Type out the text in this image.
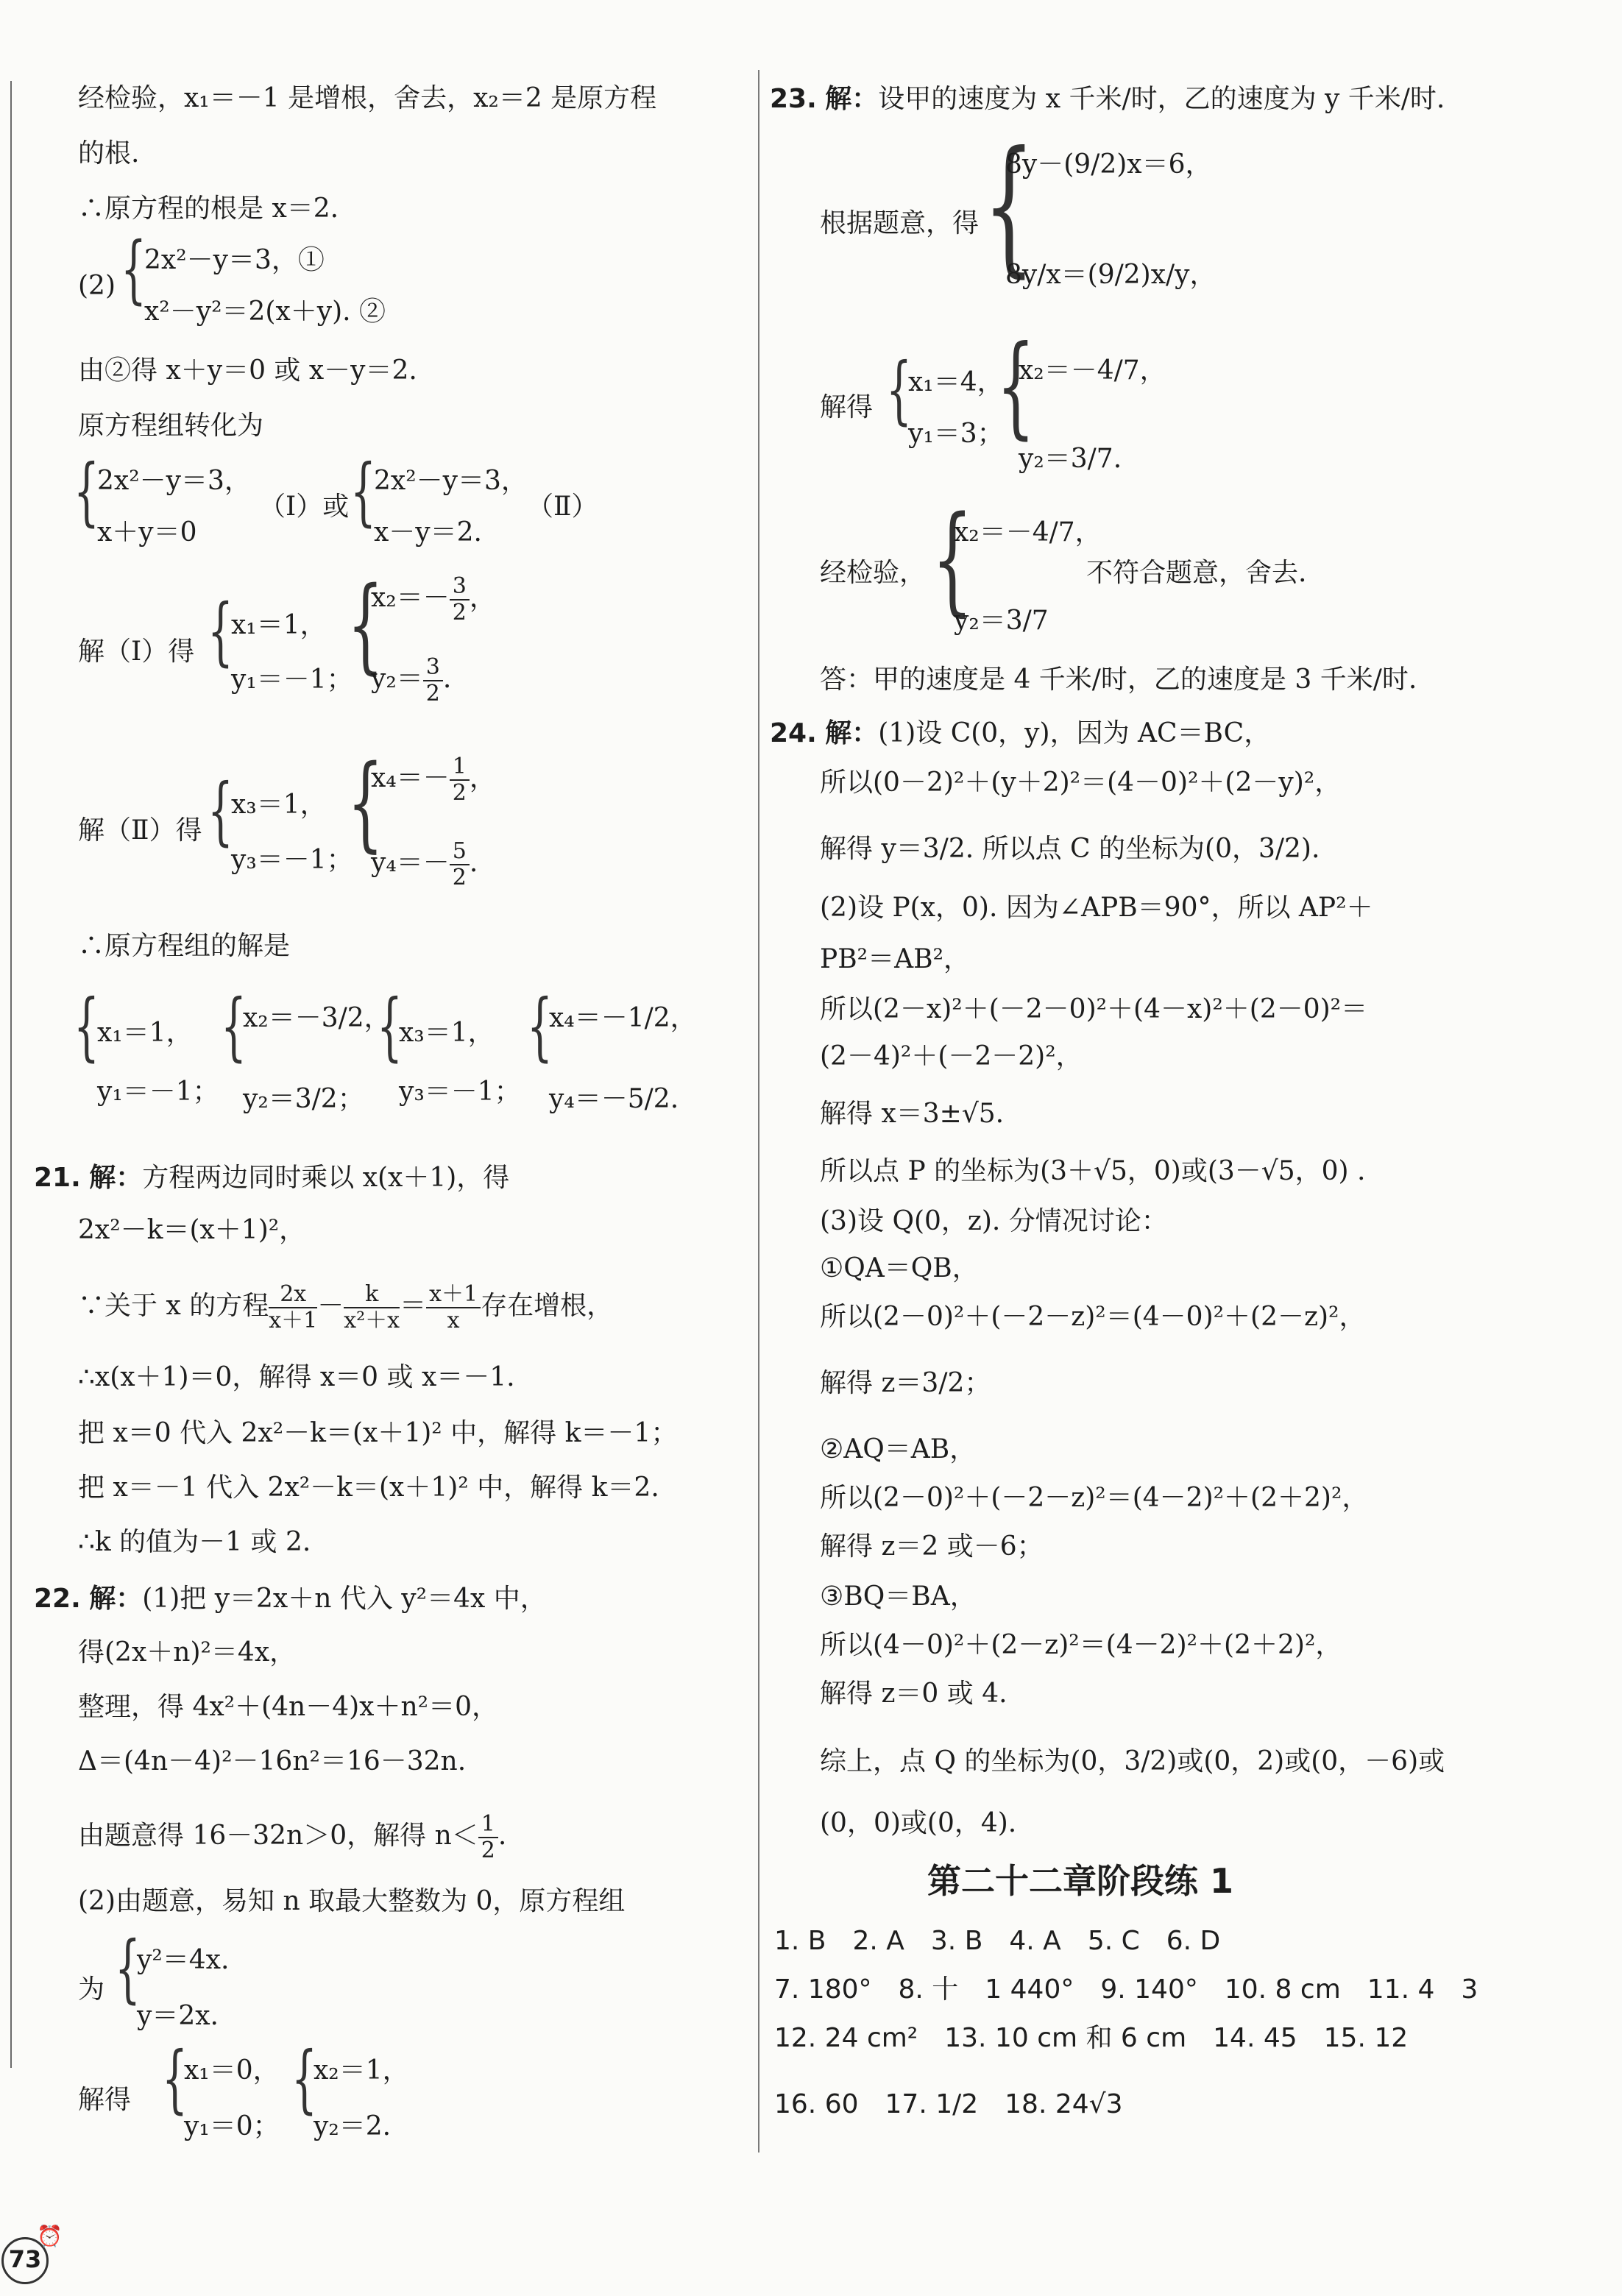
经检验，x₁＝－1 是增根，舍去，x₂＝2 是原方程
的根.
∴原方程的根是 x＝2.
(2) {
2x²－y＝3，①
x²－y²＝2(x＋y). ②
由②得 x＋y＝0 或 x－y＝2.
原方程组转化为
{
2x²－y＝3，
x＋y＝0
（Ⅰ）或 {
2x²－y＝3，
x－y＝2.
（Ⅱ）
解（Ⅰ）得 {
x₁＝1，
y₁＝－1；
{
$x_2=- \frac{3}{2}$ ，
$y_2= \frac{3}{2}$ .
解（Ⅱ）得 {
x₃＝1，
y₃＝－1；
{
$x_4=- \frac{1}{2}$ ，
$y_4=- \frac{5}{2}$ .
∴原方程组的解是
{
x₁＝1，
y₁＝－1；
{
x₂＝－3/2，
y₂＝3/2；
{
x₃＝1，
y₃＝－1；
{
x₄＝－1/2，
y₄＝－5/2.
21. 解：方程两边同时乘以 x(x＋1)，得
2x²－k＝(x＋1)²，
∵关于 x 的方程 $\frac{2x}{x+1} - \frac{k}{\text{x²＋x}} = \frac{x+1}{x}$ 存在增根，
∴x(x＋1)＝0，解得 x＝0 或 x＝－1.
把 x＝0 代入 2x²－k＝(x＋1)² 中，解得 k＝－1；
把 x＝－1 代入 2x²－k＝(x＋1)² 中，解得 k＝2.
∴k 的值为－1 或 2.
22. 解：(1)把 y＝2x＋n 代入 y²＝4x 中，
得(2x＋n)²＝4x，
整理，得 4x²＋(4n－4)x＋n²＝0，
Δ＝(4n－4)²－16n²＝16－32n.
由题意得 16－32n＞0，解得 $n< \frac{1}{2}$ .
(2)由题意，易知 n 取最大整数为 0，原方程组
为 {
y²＝4x.
y＝2x.
解得 {
x₁＝0，
y₁＝0；
{
x₂＝1，
y₂＝2.
23. 解：设甲的速度为 x 千米/时，乙的速度为 y 千米/时.
根据题意，得 {
8y－(9/2)x＝6，
8y/x＝(9/2)x/y，
解得 {
x₁＝4，
y₁＝3；
{
x₂＝－4/7，
y₂＝3/7.
经检验， {
x₂＝－4/7，
y₂＝3/7
不符合题意，舍去.
答：甲的速度是 4 千米/时，乙的速度是 3 千米/时.
24. 解：(1)设 C(0，y)，因为 AC＝BC，
所以(0－2)²＋(y＋2)²＝(4－0)²＋(2－y)²，
解得 y＝3/2. 所以点 C 的坐标为(0，3/2).
(2)设 P(x，0). 因为∠APB＝90°，所以 AP²＋
PB²＝AB²，
所以(2－x)²＋(－2－0)²＋(4－x)²＋(2－0)²＝
(2－4)²＋(－2－2)²，
解得 x＝3±√5.
所以点 P 的坐标为(3＋√5，0)或(3－√5，0) .
(3)设 Q(0，z). 分情况讨论：
①QA＝QB，
所以(2－0)²＋(－2－z)²＝(4－0)²＋(2－z)²，
解得 z＝3/2；
②AQ＝AB，
所以(2－0)²＋(－2－z)²＝(4－2)²＋(2＋2)²，
解得 z＝2 或－6；
③BQ＝BA，
所以(4－0)²＋(2－z)²＝(4－2)²＋(2＋2)²，
解得 z＝0 或 4.
综上，点 Q 的坐标为(0，3/2)或(0，2)或(0，－6)或
(0，0)或(0，4).
第二十二章阶段练 1
1. B　2. A　3. B　4. A　5. C　6. D
7. 180°　8. 十　1 440°　9. 140°　10. 8 cm　11. 4　3
12. 24 cm²　13. 10 cm 和 6 cm　14. 45　15. 12
16. 60　17. 1/2　18. 24√3
73
⏰
